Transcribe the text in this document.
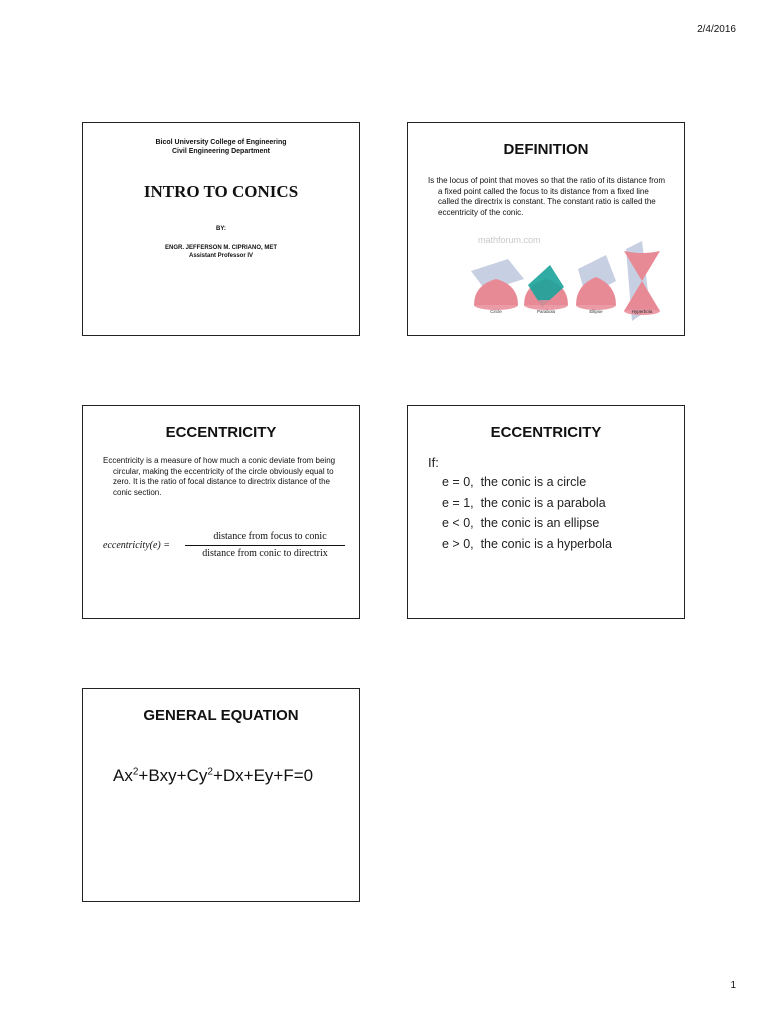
2/4/2016
Bicol University College of Engineering
Civil Engineering Department
INTRO TO CONICS
BY:
ENGR. JEFFERSON M. CIPRIANO, MET
Assistant Professor IV
DEFINITION
Is the locus of point that moves so that the ratio of its distance from a fixed point called the focus to its distance from a fixed line called the directrix is constant. The constant ratio is called the eccentricity of the conic.
mathforum.com
Circle	Parabola	Ellipse	Hyperbola
ECCENTRICITY
Eccentricity is a measure of how much a conic deviate from being circular, making the eccentricity of the circle obviously equal to zero. It is the ratio of focal distance to directrix distance of the conic section.
eccentricity(e) =
distance from focus to conic
distance from conic to directrix
ECCENTRICITY
If:
e = 0,  the conic is a circle
e = 1,  the conic is a parabola
e < 0,  the conic is an ellipse
e > 0,  the conic is a hyperbola
GENERAL EQUATION
$Ax^2+Bxy+Cy^2+Dx+Ey+F=0$
1
